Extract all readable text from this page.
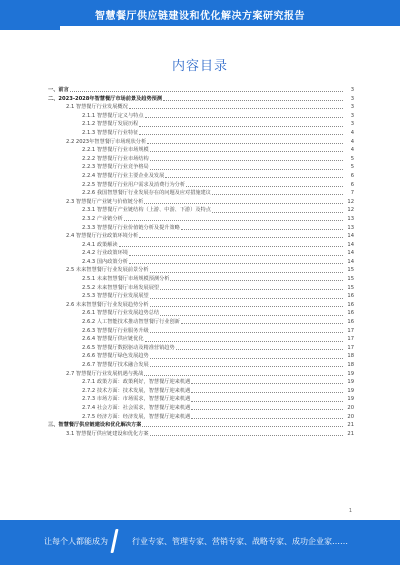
智慧餐厅供应链建设和优化解决方案研究报告
内容目录
一、前言	3
二、2023-2028年智慧餐厅市场前景及趋势预测	3
2.1 智慧餐厅行业发展概况	3
2.1.1 智慧餐厅定义与特点	3
2.1.2 智慧餐厅发展历程	3
2.1.3 智慧餐厅行业特征	4
2.2 2023年智慧餐厅市场现状分析	4
2.2.1 智慧餐厅行业市场规模	4
2.2.2 智慧餐厅行业市场结构	5
2.2.3 智慧餐厅行业竞争格局	5
2.2.4 智慧餐厅行业主要企业及发展	6
2.2.5 智慧餐厅行业用户需求及消费行为分析	6
2.2.6 我国智慧餐厅行业发展存在的问题及应对措施建议	7
2.3 智慧餐厅产业链与价值链分析	12
2.3.1 智慧餐厅产业链结构（上游、中游、下游）及特点	12
2.3.2 产业链分析	13
2.3.3 智慧餐厅行业价值链分析及提升策略	13
2.4 智慧餐厅行业政策环境分析	14
2.4.1 政策解读	14
2.4.2 行业政策环境	14
2.4.3 国内政策分析	14
2.5 未来智慧餐厅行业发展前景分析	15
2.5.1 未来智慧餐厅市场规模预测分析	15
2.5.2 未来智慧餐厅市场发展展望	15
2.5.3 智慧餐厅行业发展展望	16
2.6 未来智慧餐厅行业发展趋势分析	16
2.6.1 智慧餐厅行业发展趋势总结	16
2.6.2 人工智能技术推动智慧餐厅行业创新	16
2.6.3 智慧餐厅行业服务升级	17
2.6.4 智慧餐厅供应链优化	17
2.6.5 智慧餐厅数据驱动及精准营销趋势	17
2.6.6 智慧餐厅绿色发展趋势	18
2.6.7 智慧餐厅技术融合发展	18
2.7 智慧餐厅行业发展机遇与挑战	19
2.7.1 政策方面：政策利好，智慧餐厅迎来机遇	19
2.7.2 技术方面：技术发展，智慧餐厅迎来机遇	19
2.7.3 市场方面：市场需求，智慧餐厅迎来机遇	19
2.7.4 社会方面：社会需求，智慧餐厅迎来机遇	20
2.7.5 经济方面：经济发展，智慧餐厅迎来机遇	20
三、智慧餐厅供应链建设和优化解决方案	21
3.1 智慧餐厅供应链建设和优化方案	21
1
让每个人都能成为	行业专家、管理专家、营销专家、战略专家、成功企业家……
